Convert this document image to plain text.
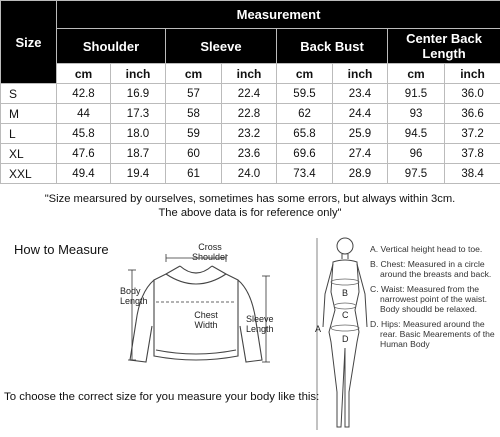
Size	Measurement							
	Shoulder		Sleeve		Back Bust		Center Back Length	
	cm	inch	cm	inch	cm	inch	cm	inch
S	42.8	16.9	57	22.4	59.5	23.4	91.5	36.0
M	44	17.3	58	22.8	62	24.4	93	36.6
L	45.8	18.0	59	23.2	65.8	25.9	94.5	37.2
XL	47.6	18.7	60	23.6	69.6	27.4	96	37.8
XXL	49.4	19.4	61	24.0	73.4	28.9	97.5	38.4
"Size mearsured by ourselves, sometimes has some errors, but always within 3cm.
The above data is for reference only"
How to Measure	Cross
Shoulder
Body
Length
Chest
Width
Sleeve
Length	A
B
C
D
A. Vertical height head to toe.
B. Chest: Measured in a circle around the breasts and back.
C. Waist: Measured from the narrowest point of the waist. Body shoudld be relaxed.
D. Hips: Measured around the rear. Basic Mearements of the Human Body
To choose the correct size for you measure your body like this:
